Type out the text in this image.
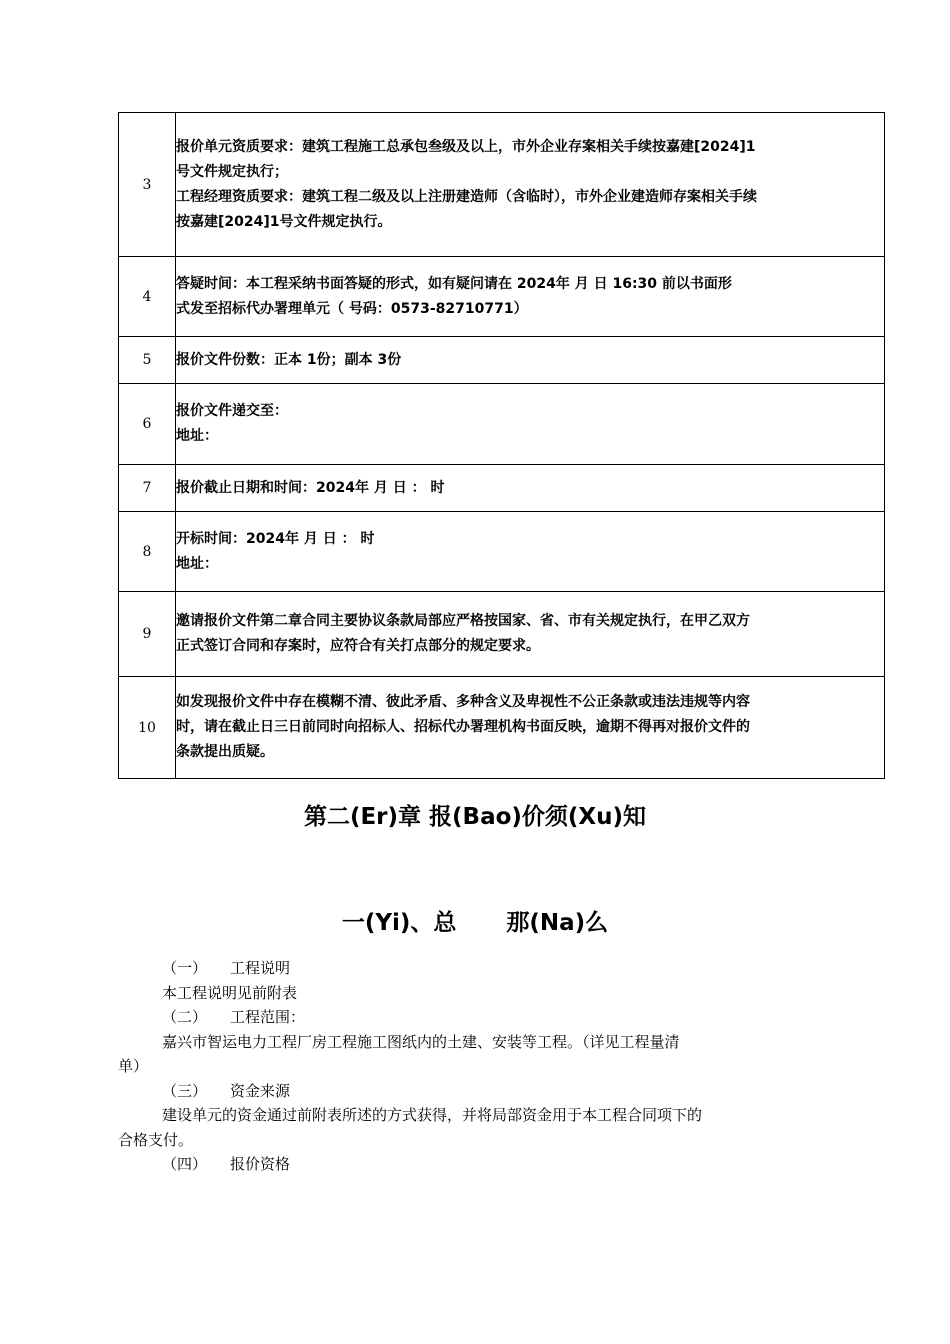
3	报价单元资质要求：建筑工程施工总承包叁级及以上，市外企业存案相关手续按嘉建[2024]1
号文件规定执行；
工程经理资质要求：建筑工程二级及以上注册建造师（含临时），市外企业建造师存案相关手续
按嘉建[2024]1号文件规定执行。

4	答疑时间：本工程采纳书面答疑的形式，如有疑问请在 2024年 月 日 16:30 前以书面形
式发至招标代办署理单元（ 号码：0573-82710771）

5	报价文件份数：正本 1份；副本 3份

6	报价文件递交至：
地址：

7	报价截止日期和时间：2024年 月 日 ： 时

8	开标时间：2024年 月 日 ： 时
地址：

9	邀请报价文件第二章合同主要协议条款局部应严格按国家、省、市有关规定执行，在甲乙双方
正式签订合同和存案时，应符合有关打点部分的规定要求。

10	如发现报价文件中存在模糊不清、彼此矛盾、多种含义及卑视性不公正条款或违法违规等内容
时，请在截止日三日前同时向招标人、招标代办署理机构书面反映，逾期不得再对报价文件的
条款提出质疑。
第二(Er)章 报(Bao)价须(Xu)知
一(Yi)、总 那(Na)么

（一） 工程说明

本工程说明见前附表

（二） 工程范围：

嘉兴市智运电力工程厂房工程施工图纸内的土建、安装等工程。（详见工程量清

单）

（三） 资金来源

建设单元的资金通过前附表所述的方式获得，并将局部资金用于本工程合同项下的

合格支付。

（四） 报价资格
